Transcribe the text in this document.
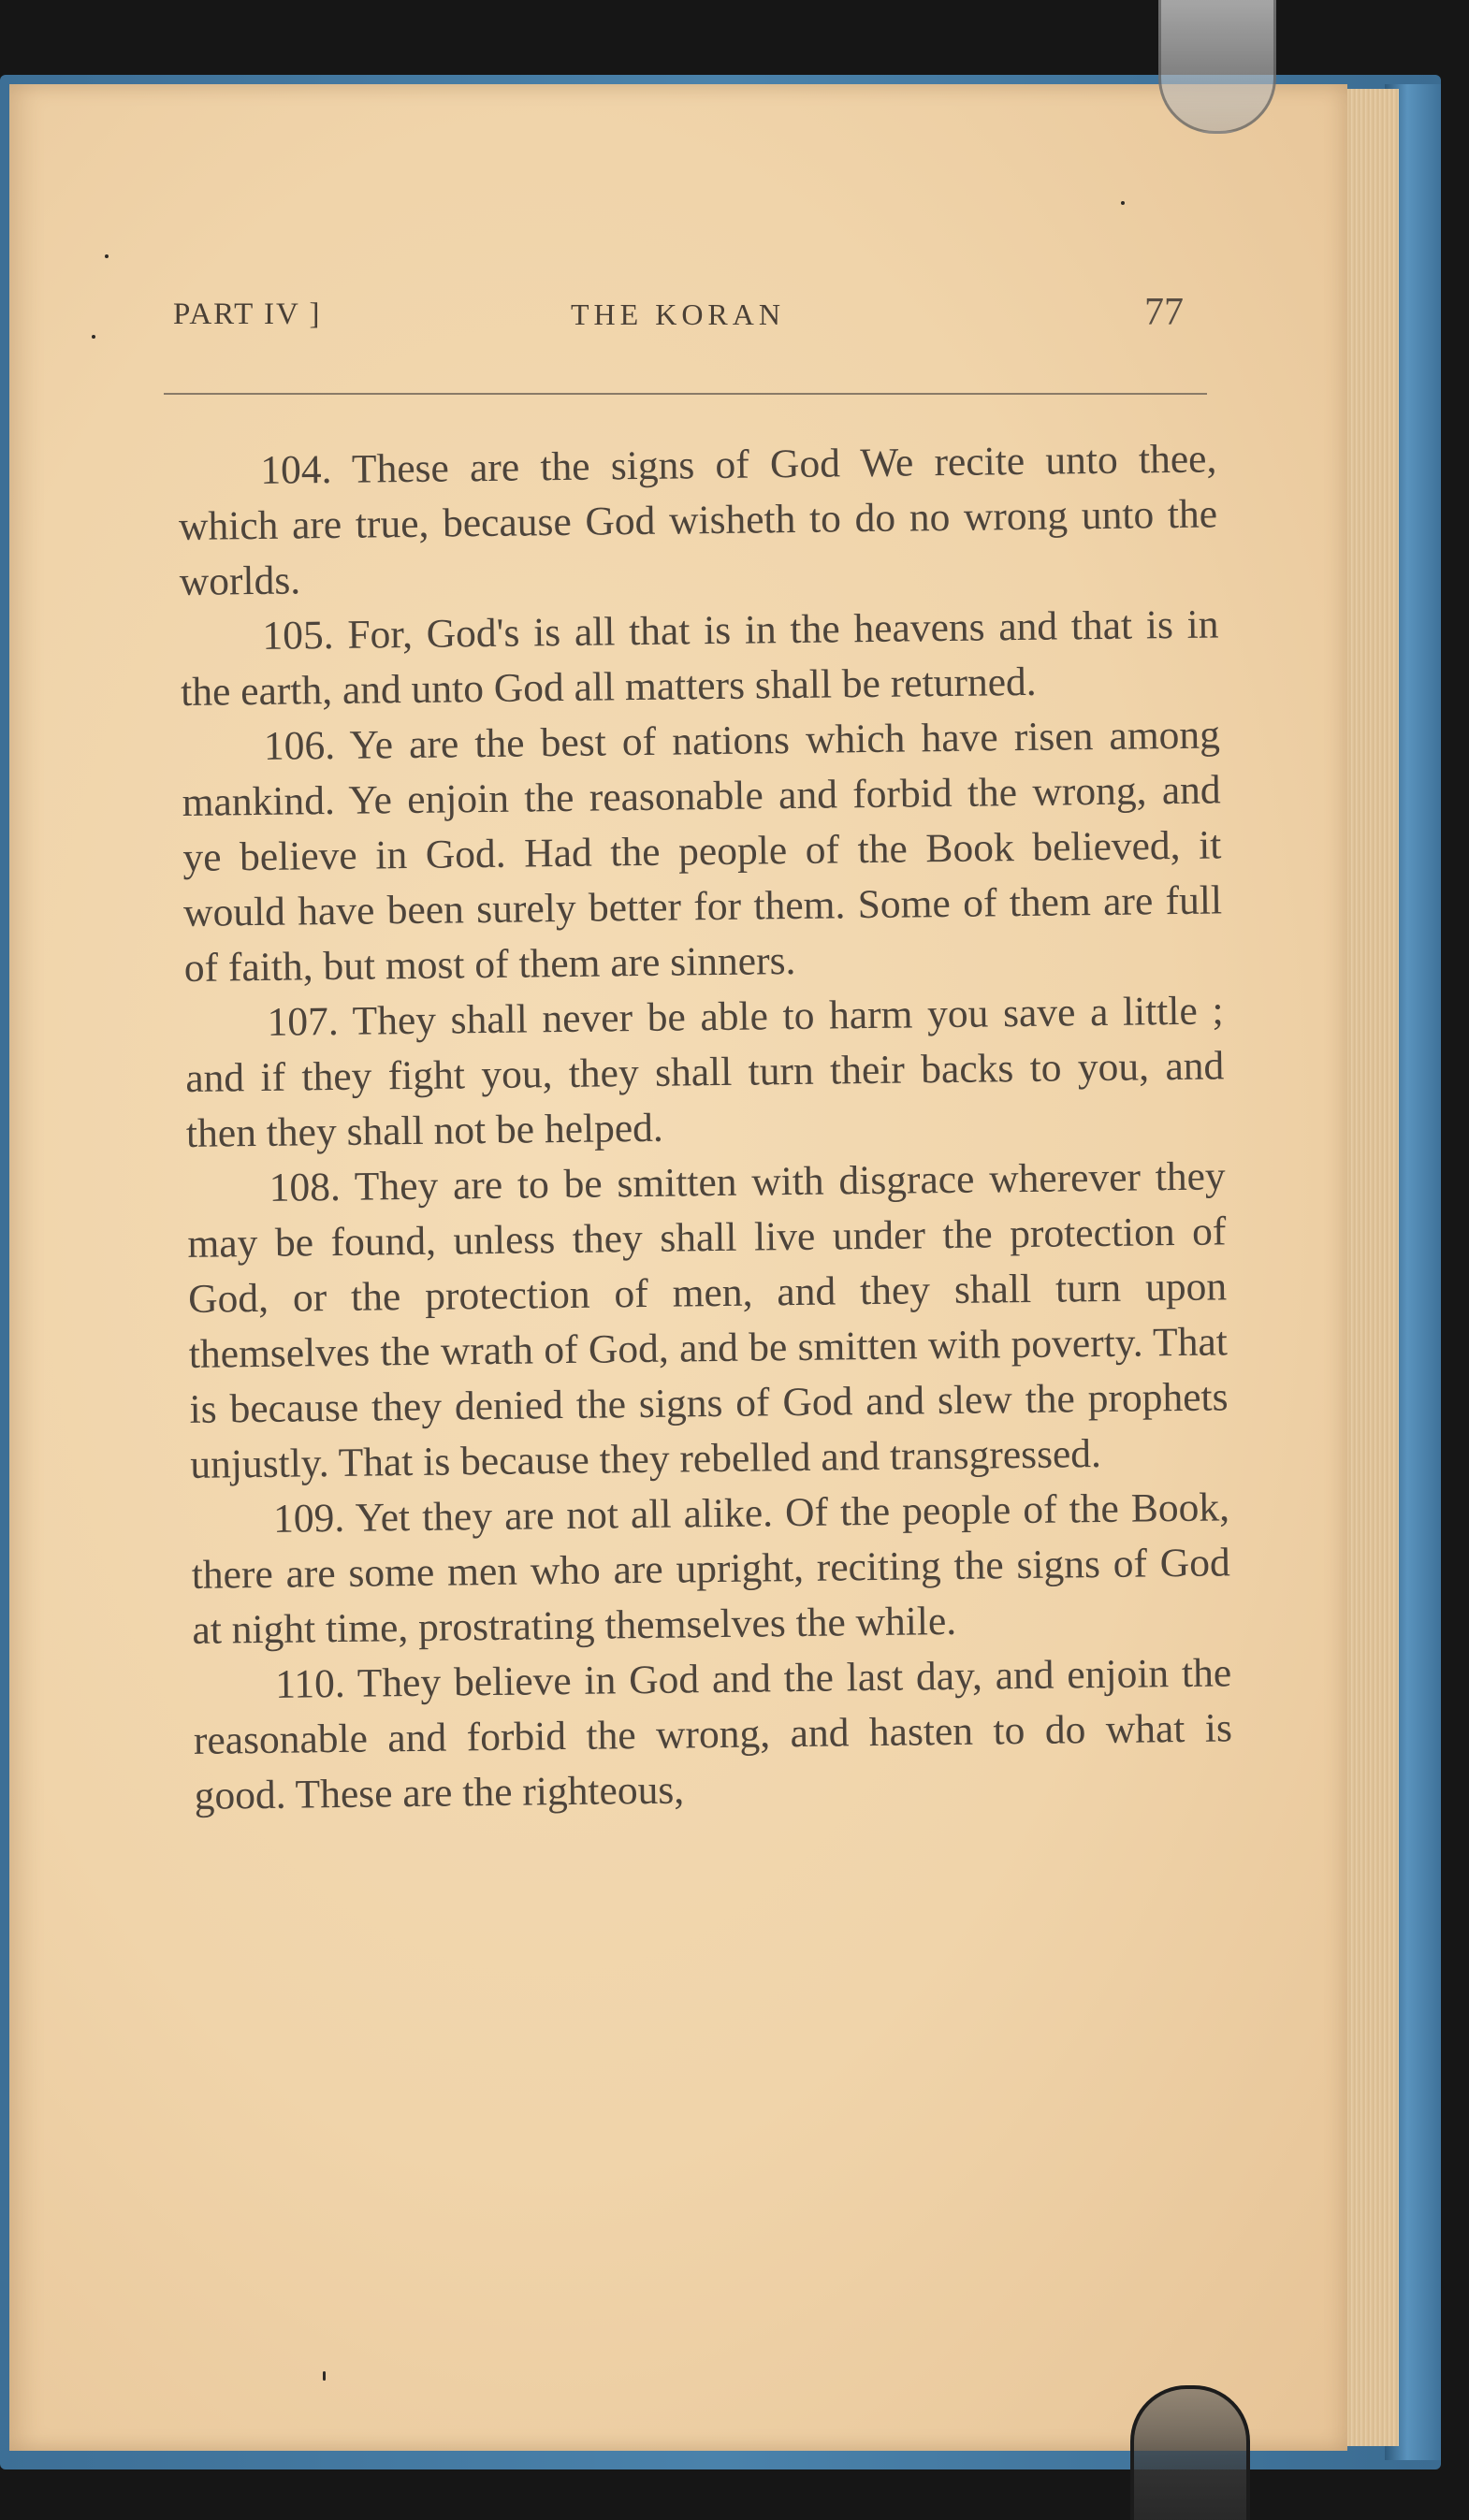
PART IV ]	THE KORAN	77

104. These are the signs of God We recite unto thee, which are true, because God wisheth to do no wrong unto the worlds.

105. For, God's is all that is in the heavens and that is in the earth, and unto God all matters shall be returned.

106. Ye are the best of nations which have risen among mankind. Ye enjoin the reasonable and forbid the wrong, and ye believe in God. Had the people of the Book believed, it would have been surely better for them. Some of them are full of faith, but most of them are sinners.

107. They shall never be able to harm you save a little ; and if they fight you, they shall turn their backs to you, and then they shall not be helped.

108. They are to be smitten with disgrace wherever they may be found, unless they shall live under the protection of God, or the protection of men, and they shall turn upon themselves the wrath of God, and be smitten with poverty. That is because they denied the signs of God and slew the prophets unjustly. That is because they rebelled and transgressed.

109. Yet they are not all alike. Of the people of the Book, there are some men who are upright, reciting the signs of God at night time, prostrating themselves the while.

110. They believe in God and the last day, and enjoin the reasonable and forbid the wrong, and hasten to do what is good. These are the righteous,
